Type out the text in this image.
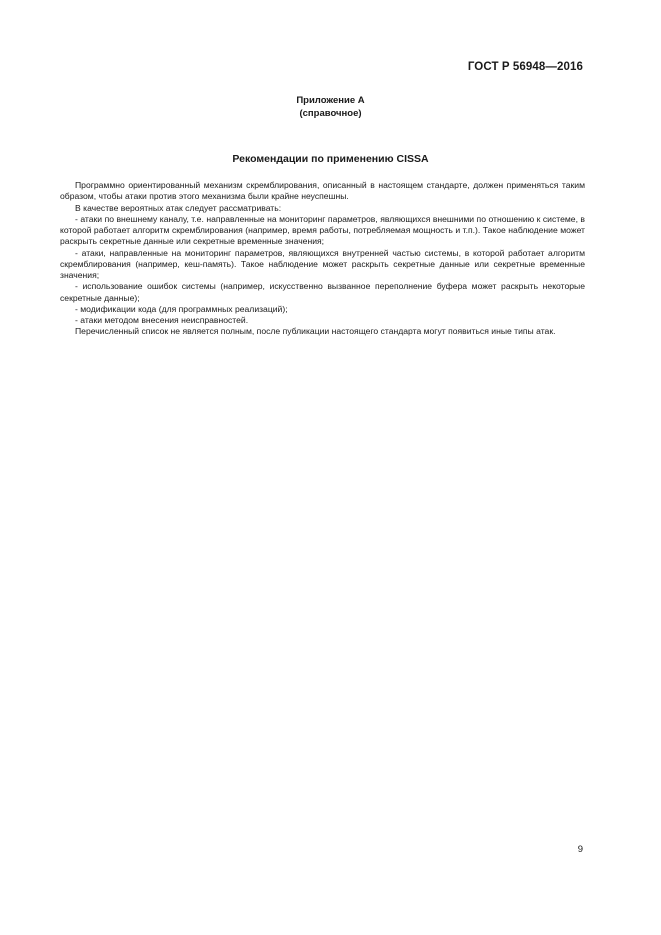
ГОСТ Р 56948—2016
Приложение А
(справочное)
Рекомендации по применению CISSA

Программно ориентированный механизм скремблирования, описанный в настоящем стандарте, должен применяться таким образом, чтобы атаки против этого механизма были крайне неуспешны.

В качестве вероятных атак следует рассматривать:

- атаки по внешнему каналу, т.е. направленные на мониторинг параметров, являющихся внешними по отношению к системе, в которой работает алгоритм скремблирования (например, время работы, потребляемая мощность и т.п.). Такое наблюдение может раскрыть секретные данные или секретные временные значения;

- атаки, направленные на мониторинг параметров, являющихся внутренней частью системы, в которой работает алгоритм скремблирования (например, кеш-память). Такое наблюдение может раскрыть секретные данные или секретные временные значения;

- использование ошибок системы (например, искусственно вызванное переполнение буфера может раскрыть некоторые секретные данные);

- модификации кода (для программных реализаций);

- атаки методом внесения неисправностей.

Перечисленный список не является полным, после публикации настоящего стандарта могут появиться иные типы атак.

9
